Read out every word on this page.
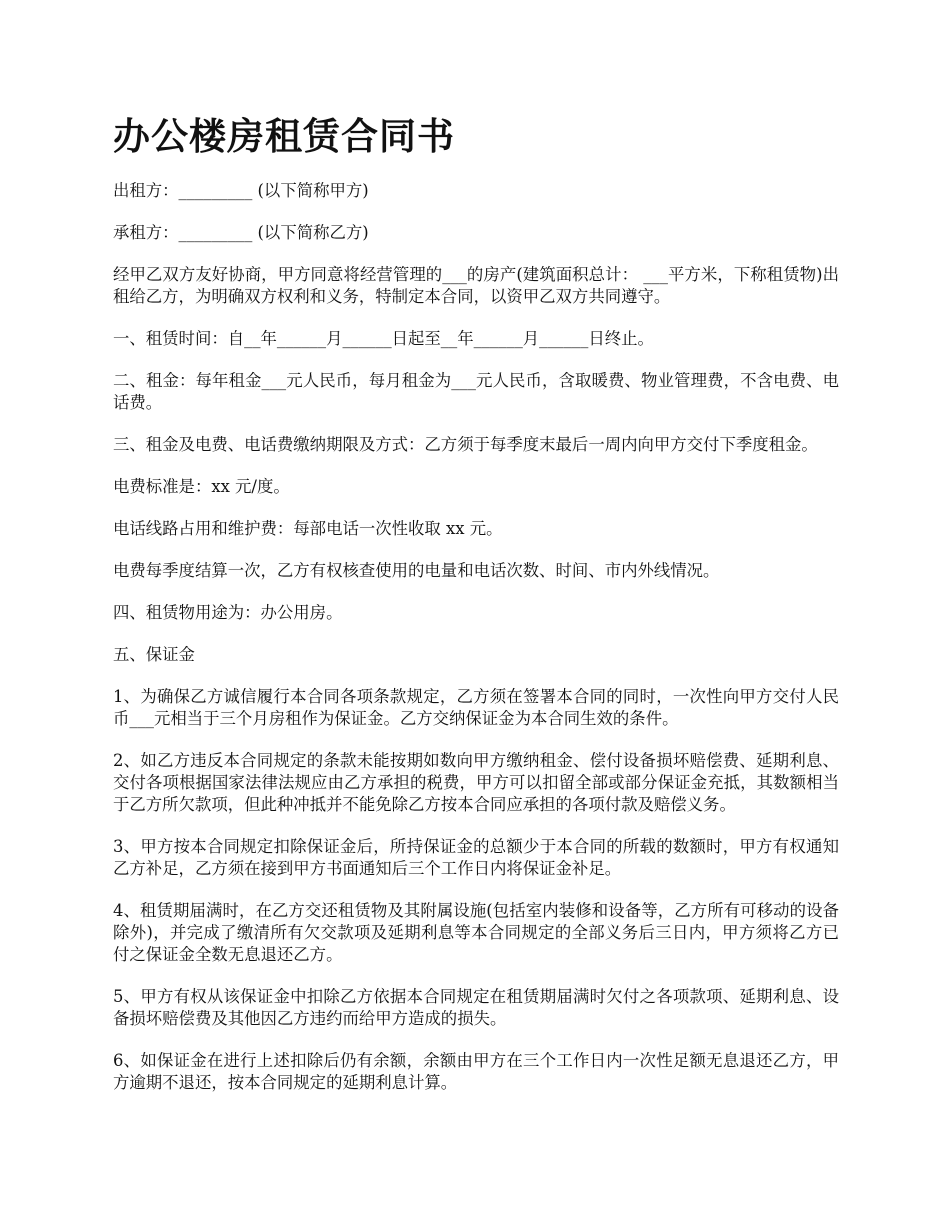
办公楼房租赁合同书

出租方：_________ (以下简称甲方)

承租方：_________ (以下简称乙方)

经甲乙双方友好协商，甲方同意将经营管理的___的房产(建筑面积总计： ___平方米，下称租赁物)出租给乙方，为明确双方权利和义务，特制定本合同，以资甲乙双方共同遵守。

一、租赁时间：自__年______月______日起至__年______月______日终止。

二、租金：每年租金___元人民币，每月租金为___元人民币，含取暖费、物业管理费，不含电费、电话费。

三、租金及电费、电话费缴纳期限及方式：乙方须于每季度末最后一周内向甲方交付下季度租金。

电费标准是：xx 元/度。

电话线路占用和维护费：每部电话一次性收取 xx 元。

电费每季度结算一次，乙方有权核查使用的电量和电话次数、时间、市内外线情况。

四、租赁物用途为：办公用房。

五、保证金

1、为确保乙方诚信履行本合同各项条款规定，乙方须在签署本合同的同时，一次性向甲方交付人民币___元相当于三个月房租作为保证金。乙方交纳保证金为本合同生效的条件。

2、如乙方违反本合同规定的条款未能按期如数向甲方缴纳租金、偿付设备损坏赔偿费、延期利息、交付各项根据国家法律法规应由乙方承担的税费，甲方可以扣留全部或部分保证金充抵，其数额相当于乙方所欠款项，但此种冲抵并不能免除乙方按本合同应承担的各项付款及赔偿义务。

3、甲方按本合同规定扣除保证金后，所持保证金的总额少于本合同的所载的数额时，甲方有权通知乙方补足，乙方须在接到甲方书面通知后三个工作日内将保证金补足。

4、租赁期届满时，在乙方交还租赁物及其附属设施(包括室内装修和设备等，乙方所有可移动的设备除外)，并完成了缴清所有欠交款项及延期利息等本合同规定的全部义务后三日内，甲方须将乙方已付之保证金全数无息退还乙方。

5、甲方有权从该保证金中扣除乙方依据本合同规定在租赁期届满时欠付之各项款项、延期利息、设备损坏赔偿费及其他因乙方违约而给甲方造成的损失。

6、如保证金在进行上述扣除后仍有余额，余额由甲方在三个工作日内一次性足额无息退还乙方，甲方逾期不退还，按本合同规定的延期利息计算。
